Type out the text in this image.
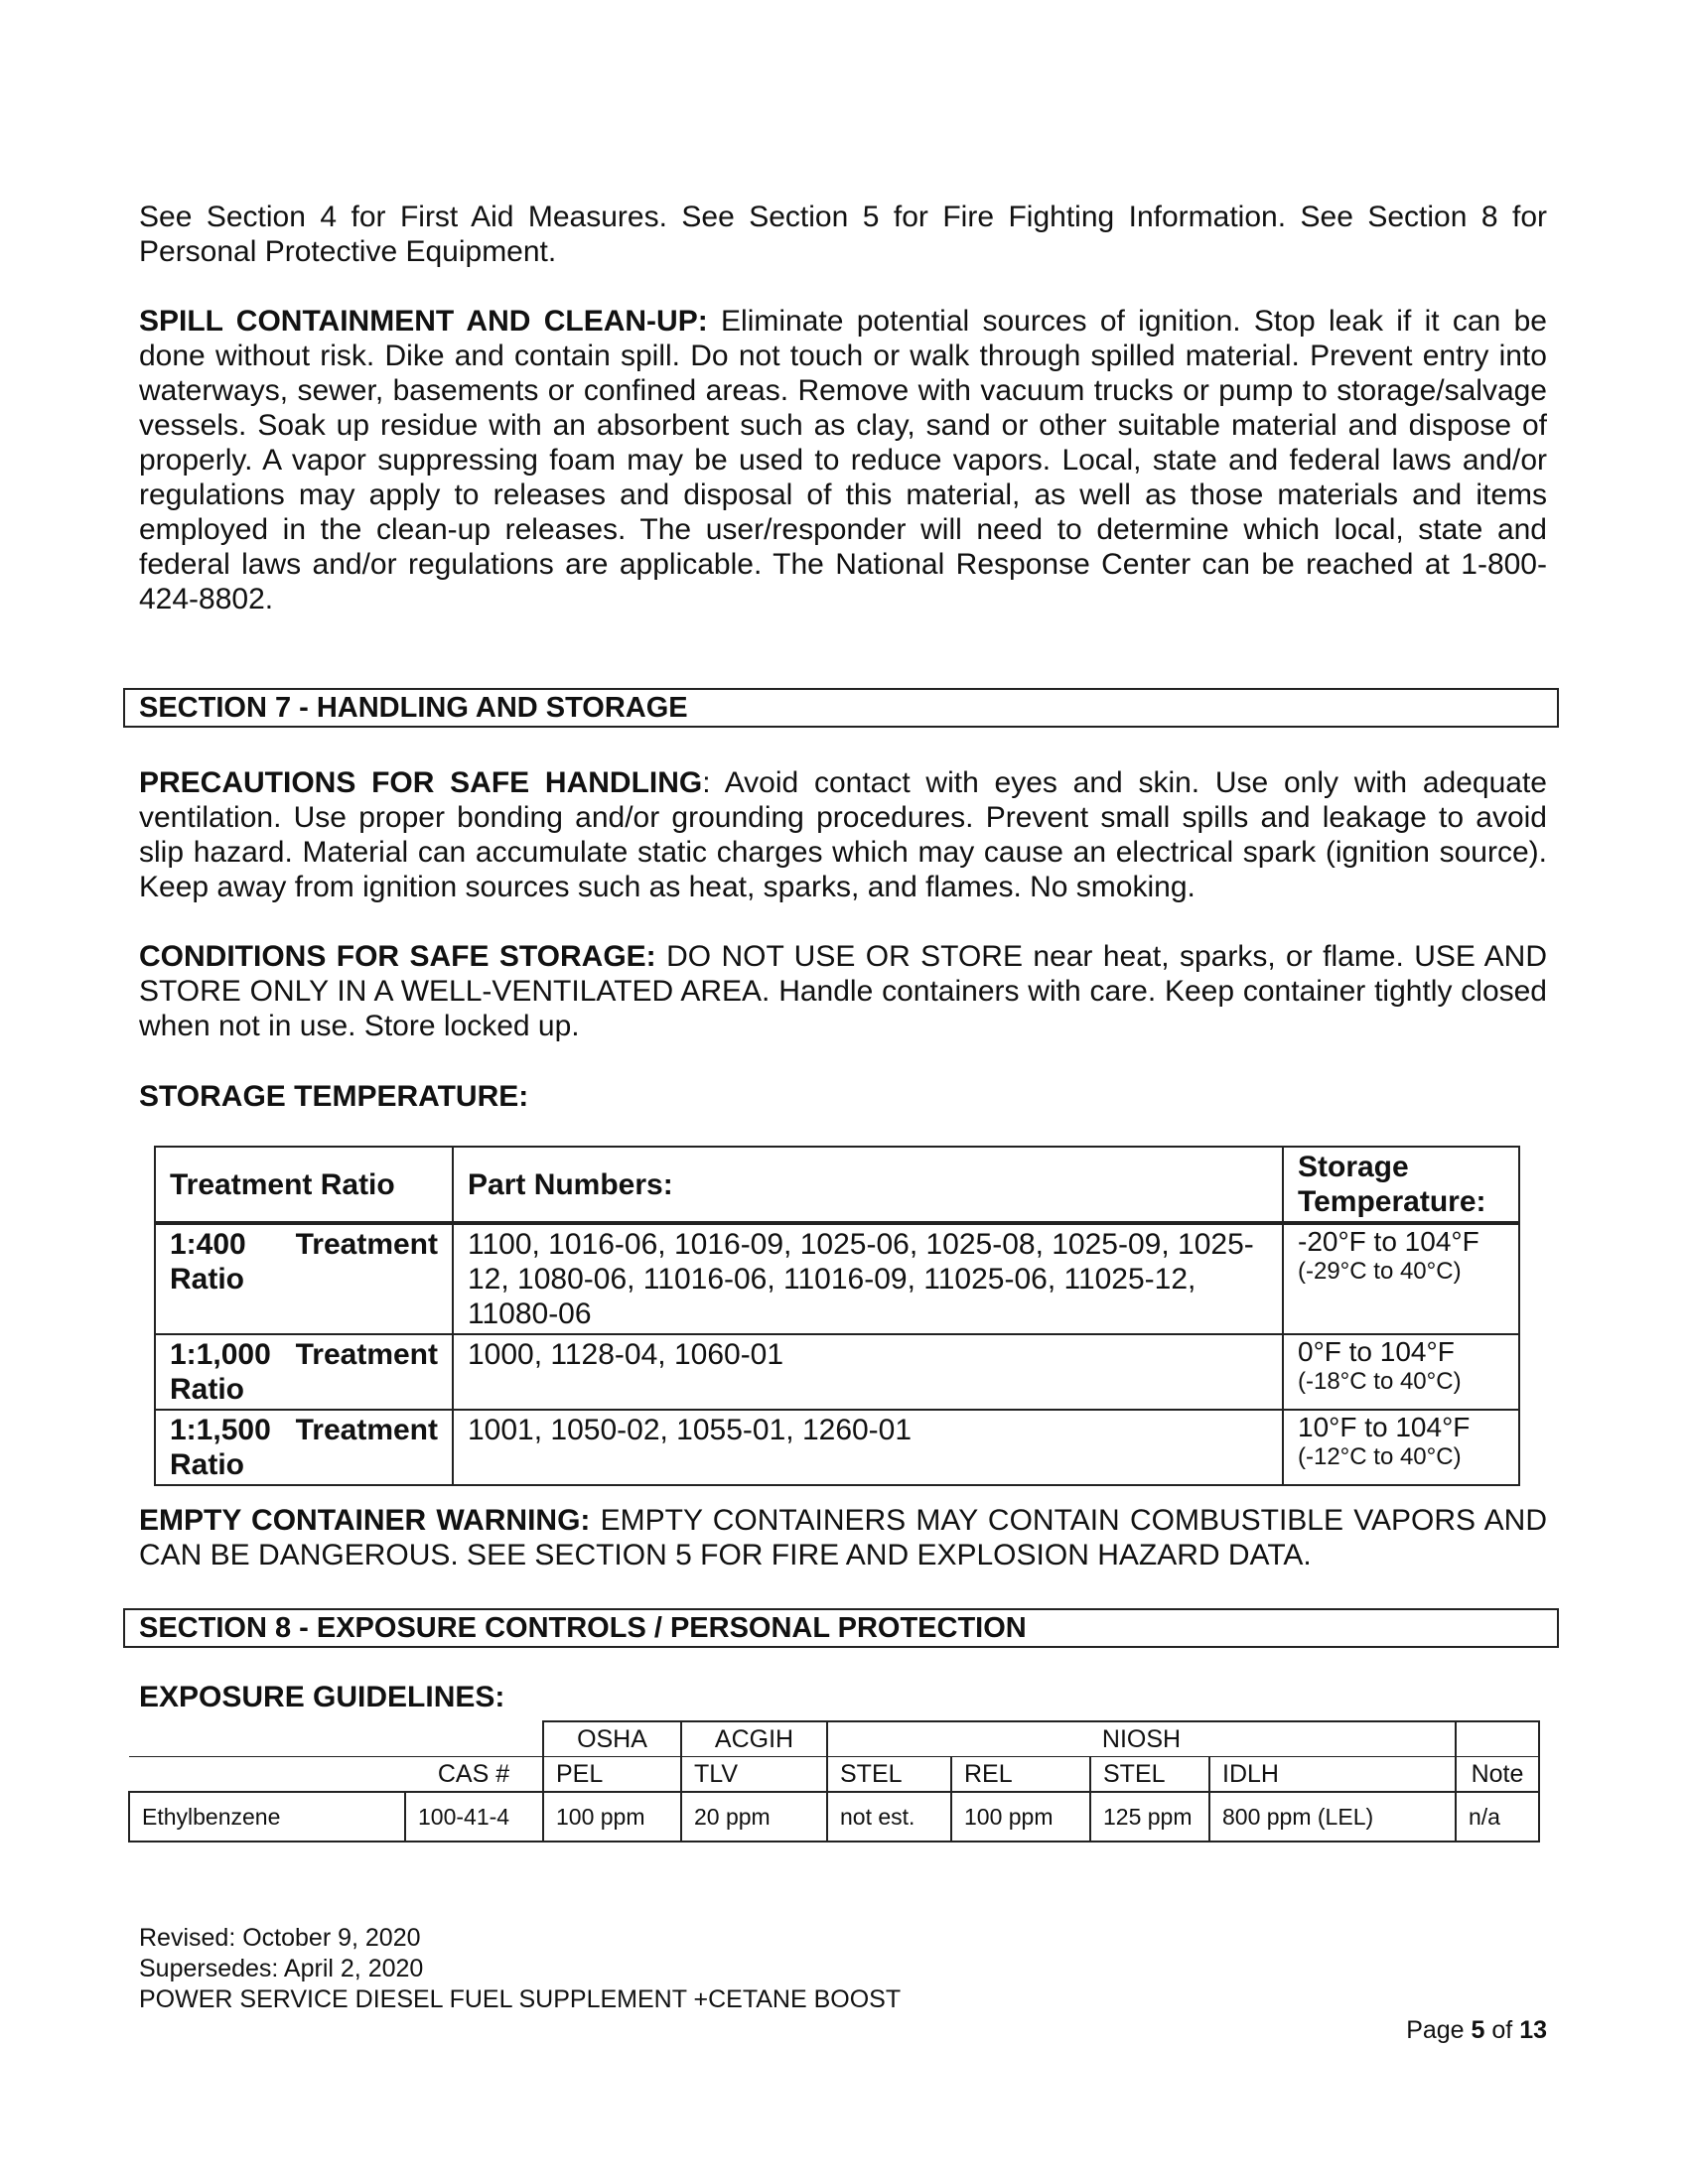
See Section 4 for First Aid Measures. See Section 5 for Fire Fighting Information. See Section 8 for Personal Protective Equipment.

SPILL CONTAINMENT AND CLEAN-UP: Eliminate potential sources of ignition. Stop leak if it can be done without risk. Dike and contain spill. Do not touch or walk through spilled material. Prevent entry into waterways, sewer, basements or confined areas. Remove with vacuum trucks or pump to storage/salvage vessels. Soak up residue with an absorbent such as clay, sand or other suitable material and dispose of properly. A vapor suppressing foam may be used to reduce vapors. Local, state and federal laws and/or regulations may apply to releases and disposal of this material, as well as those materials and items employed in the clean-up releases. The user/responder will need to determine which local, state and federal laws and/or regulations are applicable. The National Response Center can be reached at 1-800-424-8802.

SECTION 7 - HANDLING AND STORAGE

PRECAUTIONS FOR SAFE HANDLING: Avoid contact with eyes and skin. Use only with adequate ventilation. Use proper bonding and/or grounding procedures. Prevent small spills and leakage to avoid slip hazard. Material can accumulate static charges which may cause an electrical spark (ignition source). Keep away from ignition sources such as heat, sparks, and flames. No smoking.

CONDITIONS FOR SAFE STORAGE: DO NOT USE OR STORE near heat, sparks, or flame. USE AND STORE ONLY IN A WELL-VENTILATED AREA. Handle containers with care. Keep container tightly closed when not in use. Store locked up.

STORAGE TEMPERATURE:

Treatment Ratio	Part Numbers:	Storage Temperature:

1:400 Treatment
Ratio	1100, 1016-06, 1016-09, 1025-06, 1025-08, 1025-09, 1025-12, 1080-06, 11016-06, 11016-09, 11025-06, 11025-12, 11080-06	-20°F to 104°F
(-29°C to 40°C)

1:1,000 Treatment
Ratio	1000, 1128-04, 1060-01	0°F to 104°F
(-18°C to 40°C)

1:1,500 Treatment
Ratio	1001, 1050-02, 1055-01, 1260-01	10°F to 104°F
(-12°C to 40°C)

EMPTY CONTAINER WARNING: EMPTY CONTAINERS MAY CONTAIN COMBUSTIBLE VAPORS AND CAN BE DANGEROUS. SEE SECTION 5 FOR FIRE AND EXPLOSION HAZARD DATA.

SECTION 8 - EXPOSURE CONTROLS / PERSONAL PROTECTION

EXPOSURE GUIDELINES:

		OSHA	ACGIH	NIOSH				
	CAS #	PEL	TLV	STEL	REL	STEL	IDLH	Note
Ethylbenzene	100-41-4	100 ppm	20 ppm	not est.	100 ppm	125 ppm	800 ppm (LEL)	n/a

Revised: October 9, 2020

Supersedes: April 2, 2020

POWER SERVICE DIESEL FUEL SUPPLEMENT +CETANE BOOST

Page 5 of 13
